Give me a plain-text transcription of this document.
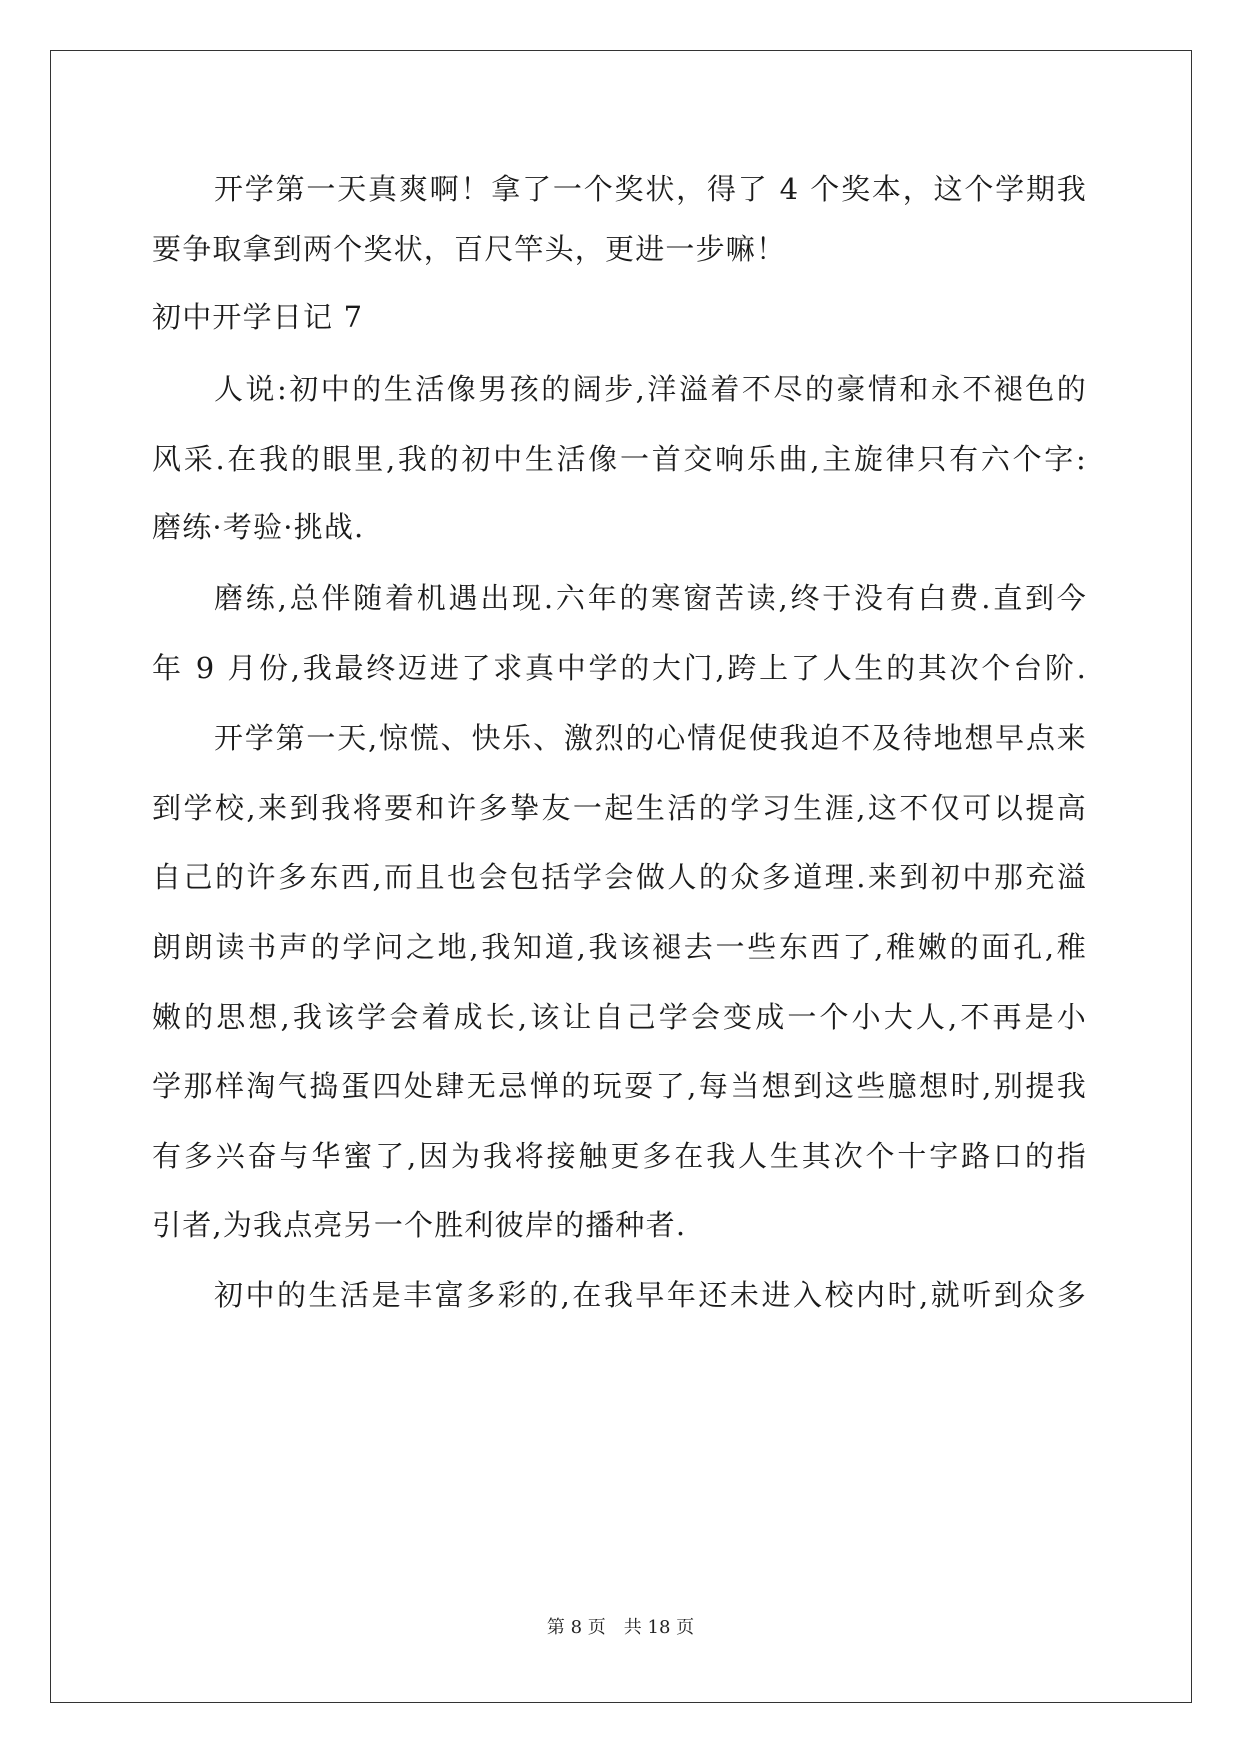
开学第一天真爽啊！拿了一个奖状，得了 4 个奖本，这个学期我
要争取拿到两个奖状，百尺竿头，更进一步嘛！
初中开学日记 7
人说:初中的生活像男孩的阔步,洋溢着不尽的豪情和永不褪色的
风采.在我的眼里,我的初中生活像一首交响乐曲,主旋律只有六个字:
磨练·考验·挑战.
磨练,总伴随着机遇出现.六年的寒窗苦读,终于没有白费.直到今
年 9 月份,我最终迈进了求真中学的大门,跨上了人生的其次个台阶.
开学第一天,惊慌、快乐、激烈的心情促使我迫不及待地想早点来
到学校,来到我将要和许多挚友一起生活的学习生涯,这不仅可以提高
自己的许多东西,而且也会包括学会做人的众多道理.来到初中那充溢
朗朗读书声的学问之地,我知道,我该褪去一些东西了,稚嫩的面孔,稚
嫩的思想,我该学会着成长,该让自己学会变成一个小大人,不再是小
学那样淘气捣蛋四处肆无忌惮的玩耍了,每当想到这些臆想时,别提我
有多兴奋与华蜜了,因为我将接触更多在我人生其次个十字路口的指
引者,为我点亮另一个胜利彼岸的播种者.
初中的生活是丰富多彩的,在我早年还未进入校内时,就听到众多
第 8 页　共 18 页
